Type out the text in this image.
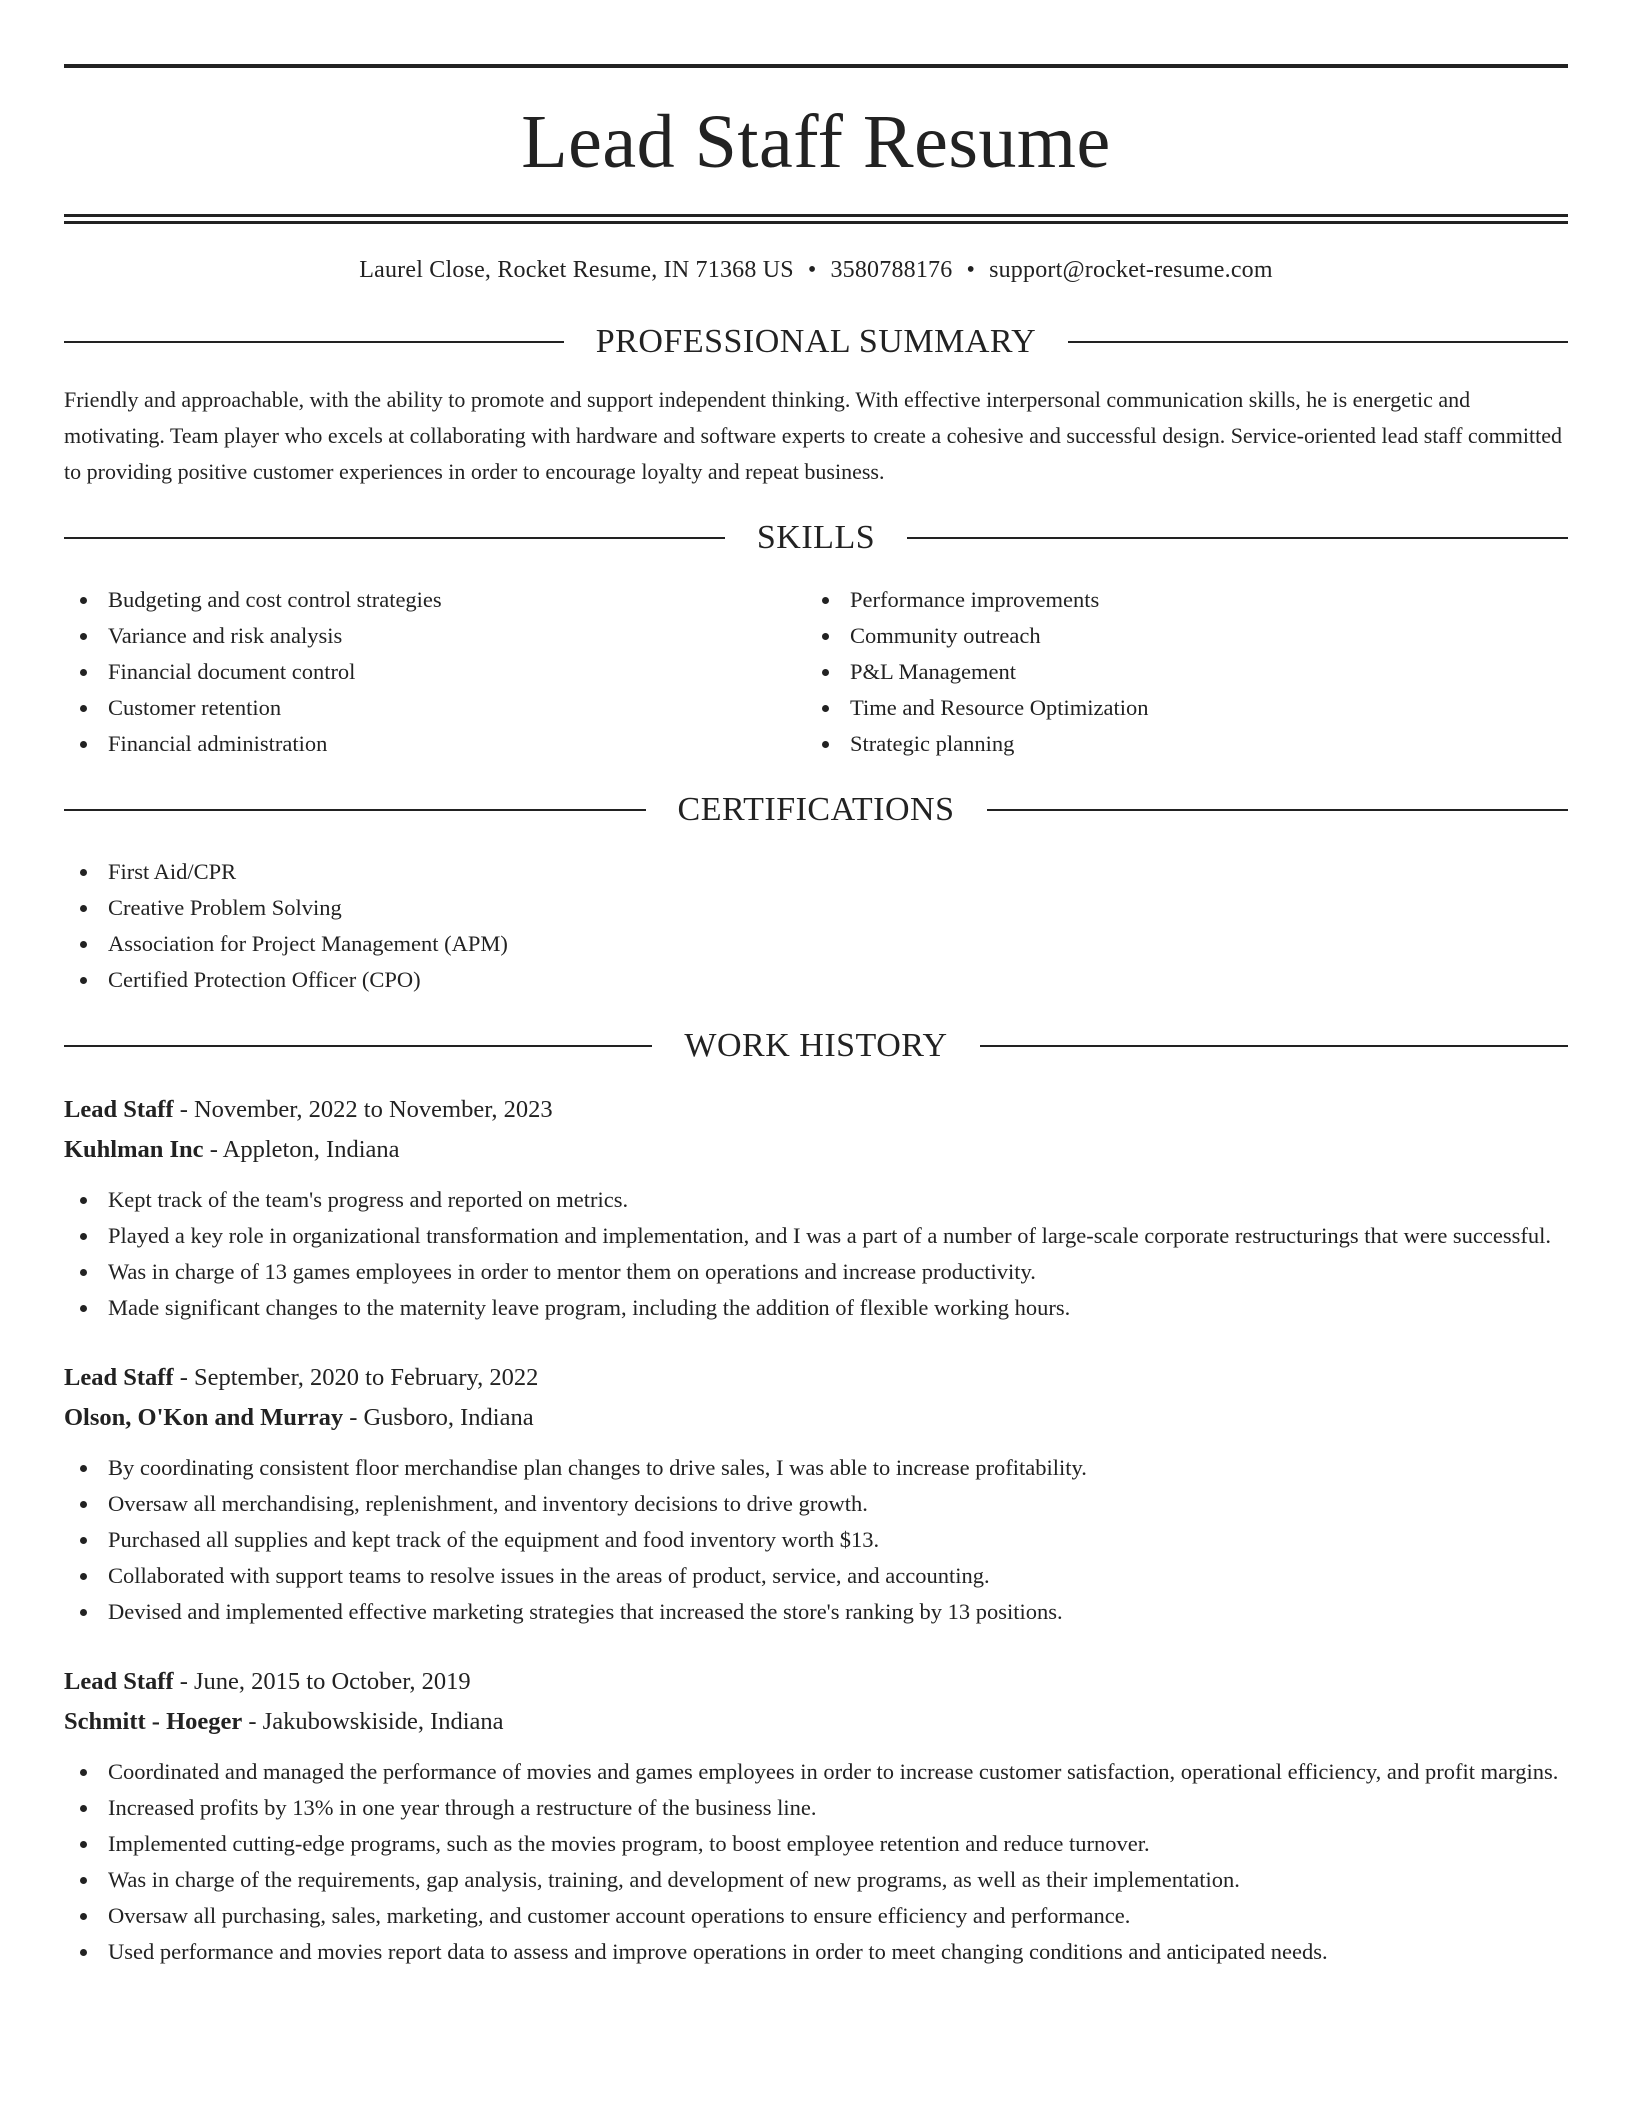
Lead Staff Resume
Laurel Close, Rocket Resume, IN 71368 US • 3580788176 • support@rocket-resume.com
PROFESSIONAL SUMMARY

Friendly and approachable, with the ability to promote and support independent thinking. With effective interpersonal communication skills, he is energetic and motivating. Team player who excels at collaborating with hardware and software experts to create a cohesive and successful design. Service-oriented lead staff committed to providing positive customer experiences in order to encourage loyalty and repeat business.

SKILLS
Budgeting and cost control strategies
Variance and risk analysis
Financial document control
Customer retention
Financial administration
Performance improvements
Community outreach
P&L Management
Time and Resource Optimization
Strategic planning
CERTIFICATIONS
First Aid/CPR
Creative Problem Solving
Association for Project Management (APM)
Certified Protection Officer (CPO)
WORK HISTORY
Lead Staff - November, 2022 to November, 2023
Kuhlman Inc - Appleton, Indiana
Kept track of the team's progress and reported on metrics.
Played a key role in organizational transformation and implementation, and I was a part of a number of large-scale corporate restructurings that were successful.
Was in charge of 13 games employees in order to mentor them on operations and increase productivity.
Made significant changes to the maternity leave program, including the addition of flexible working hours.
Lead Staff - September, 2020 to February, 2022
Olson, O'Kon and Murray - Gusboro, Indiana
By coordinating consistent floor merchandise plan changes to drive sales, I was able to increase profitability.
Oversaw all merchandising, replenishment, and inventory decisions to drive growth.
Purchased all supplies and kept track of the equipment and food inventory worth $13.
Collaborated with support teams to resolve issues in the areas of product, service, and accounting.
Devised and implemented effective marketing strategies that increased the store's ranking by 13 positions.
Lead Staff - June, 2015 to October, 2019
Schmitt - Hoeger - Jakubowskiside, Indiana
Coordinated and managed the performance of movies and games employees in order to increase customer satisfaction, operational efficiency, and profit margins.
Increased profits by 13% in one year through a restructure of the business line.
Implemented cutting-edge programs, such as the movies program, to boost employee retention and reduce turnover.
Was in charge of the requirements, gap analysis, training, and development of new programs, as well as their implementation.
Oversaw all purchasing, sales, marketing, and customer account operations to ensure efficiency and performance.
Used performance and movies report data to assess and improve operations in order to meet changing conditions and anticipated needs.
